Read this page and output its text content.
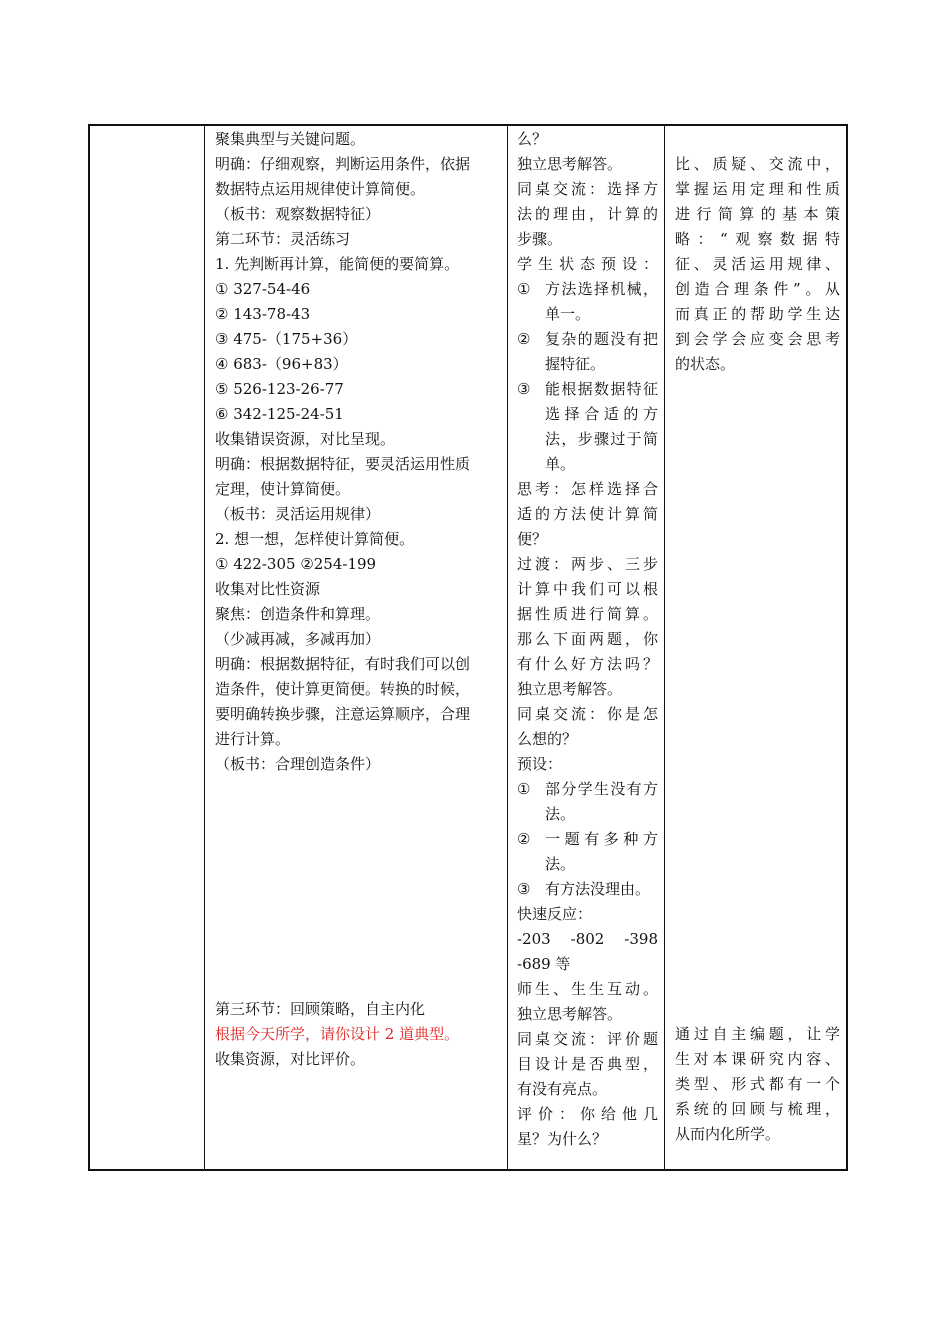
聚集典型与关键问题。
明确：仔细观察，判断运用条件，依据
数据特点运用规律使计算简便。
（板书：观察数据特征）
第二环节：灵活练习
1. 先判断再计算，能简便的要简算。
① 327-54-46
② 143-78-43
③ 475-（175+36）
④ 683-（96+83）
⑤ 526-123-26-77
⑥ 342-125-24-51
收集错误资源，对比呈现。
明确：根据数据特征，要灵活运用性质
定理，使计算简便。
（板书：灵活运用规律）
2. 想一想，怎样使计算简便。
① 422-305 ②254-199
收集对比性资源
聚焦：创造条件和算理。
（少减再减，多减再加）
明确：根据数据特征，有时我们可以创
造条件，使计算更简便。转换的时候，
要明确转换步骤，注意运算顺序，合理
进行计算。
（板书：合理创造条件）
第三环节：回顾策略，自主内化
根据今天所学，请你设计 2 道典型。
收集资源，对比评价。
么？
独立思考解答。
同桌交流：选择方
法的理由，计算的
步骤。
学生状态预设：
① 方法选择机械，单一。
② 复杂的题没有把握特征。
③ 能根据数据特征选择合适的方法，步骤过于简单。
思考：怎样选择合
适的方法使计算简
便？
过渡：两步、三步
计算中我们可以根
据性质进行简算。
那么下面两题，你
有什么好方法吗？
独立思考解答。
同桌交流：你是怎
么想的？
预设：
① 部分学生没有方法。
② 一题有多种方法。
③ 有方法没理由。
快速反应：
-203 -802 -398
-689 等
师生、生生互动。
独立思考解答。
同桌交流：评价题
目设计是否典型，
有没有亮点。
评价：你给他几
星？为什么？
比、质疑、交流中，
掌握运用定理和性质
进行简算的基本策
略：“观察数据特
征、灵活运用规律、
创造合理条件”。从
而真正的帮助学生达
到会学会应变会思考
的状态。
通过自主编题，让学
生对本课研究内容、
类型、形式都有一个
系统的回顾与梳理，
从而内化所学。
